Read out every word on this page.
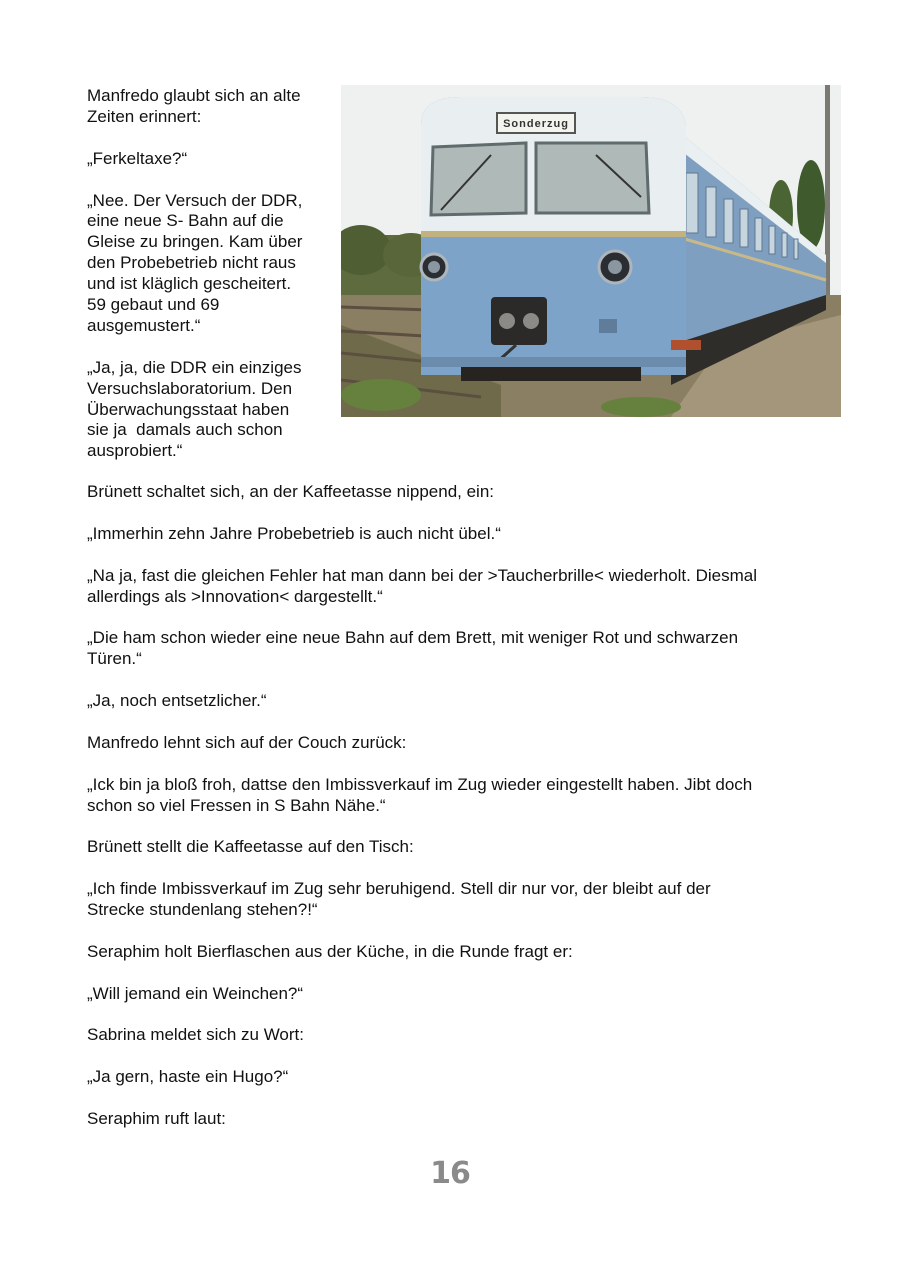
Manfredo glaubt sich an alte
Zeiten erinnert:

„Ferkeltaxe?“

„Nee. Der Versuch der DDR,
eine neue S- Bahn auf die
Gleise zu bringen. Kam über
den Probebetrieb nicht raus
und ist kläglich gescheitert.
59 gebaut und 69
ausgemustert.“

„Ja, ja, die DDR ein einziges
Versuchslaboratorium. Den
Überwachungsstaat haben
sie ja  damals auch schon
ausprobiert.“

Sonderzug

Brünett schaltet sich, an der Kaffeetasse nippend, ein:

„Immerhin zehn Jahre Probebetrieb is auch nicht übel.“

„Na ja, fast die gleichen Fehler hat man dann bei der >Taucherbrille< wiederholt. Diesmal
allerdings als >Innovation< dargestellt.“

„Die ham schon wieder eine neue Bahn auf dem Brett, mit weniger Rot und schwarzen
Türen.“

„Ja, noch entsetzlicher.“

Manfredo lehnt sich auf der Couch zurück:

„Ick bin ja bloß froh, dattse den Imbissverkauf im Zug wieder eingestellt haben. Jibt doch
schon so viel Fressen in S Bahn Nähe.“

Brünett stellt die Kaffeetasse auf den Tisch:

„Ich finde Imbissverkauf im Zug sehr beruhigend. Stell dir nur vor, der bleibt auf der
Strecke stundenlang stehen?!“

Seraphim holt Bierflaschen aus der Küche, in die Runde fragt er:

„Will jemand ein Weinchen?“

Sabrina meldet sich zu Wort:

„Ja gern, haste ein Hugo?“

Seraphim ruft laut:

16
